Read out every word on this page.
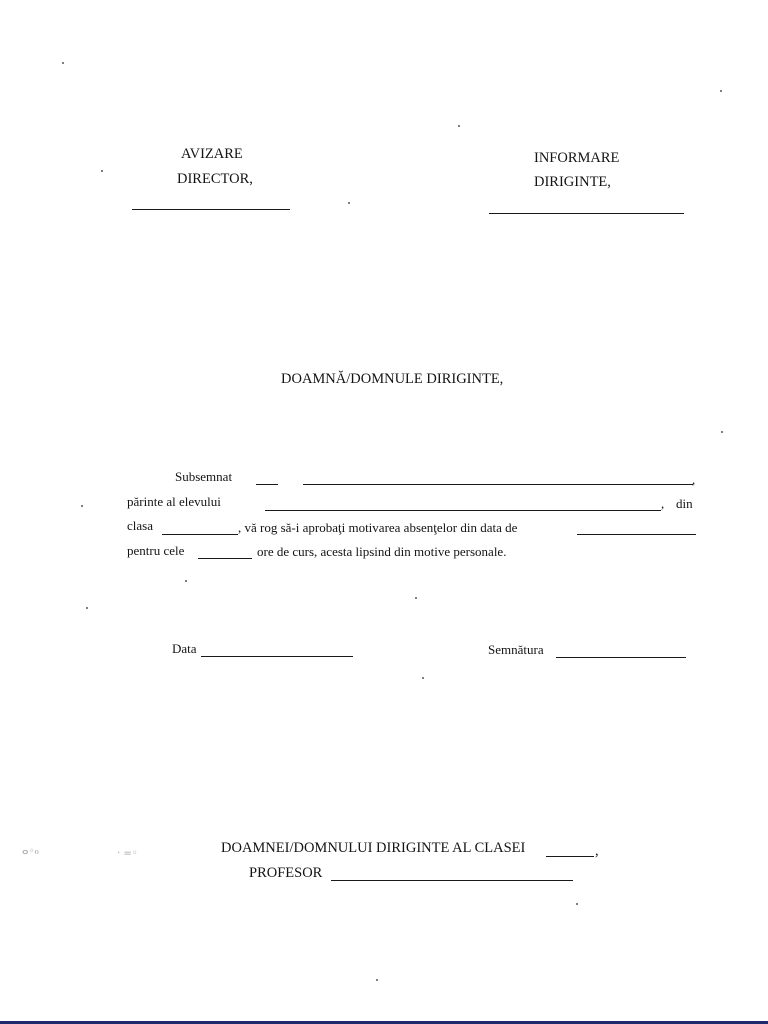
AVIZARE
DIRECTOR,
INFORMARE
DIRIGINTE,
DOAMNĂ/DOMNULE DIRIGINTE,
Subsemnat	,
părinte al elevului	, din
clasa	, vă rog să-i aprobaţi motivarea absenţelor din data de
pentru cele	ore de curs, acesta lipsind din motive personale.
Data	Semnătura
DOAMNEI/DOMNULUI DIRIGINTE AL CLASEI	,
PROFESOR
ⴰ◦ℴ	· =◦
